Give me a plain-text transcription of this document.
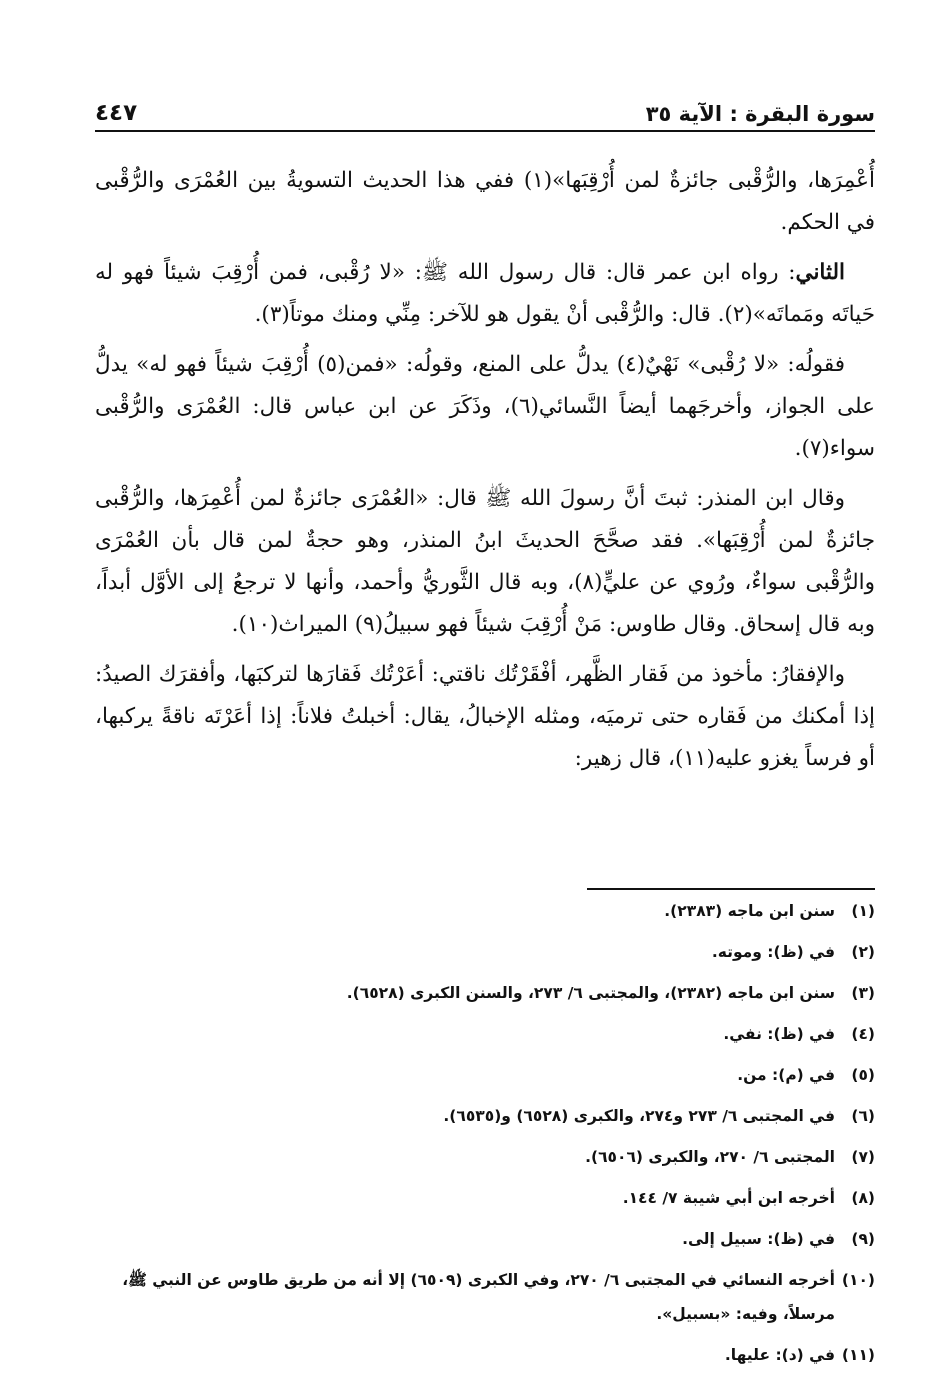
سورة البقرة : الآية ٣٥
٤٤٧

أُعْمِرَها، والرُّقْبى جائزةٌ لمن أُرْقِبَها»(١) ففي هذا الحديث التسويةُ بين العُمْرَى والرُّقْبى في الحكم.

الثاني: رواه ابن عمر قال: قال رسول الله ﷺ: «لا رُقْبى، فمن أُرْقِبَ شيئاً فهو له حَياتَه ومَماتَه»(٢). قال: والرُّقْبى أنْ يقول هو للآخر: مِنِّي ومنك موتاً(٣).

فقولُه: «لا رُقْبى» نَهْيٌ(٤) يدلُّ على المنع، وقولُه: «فمن(٥) أُرْقِبَ شيئاً فهو له» يدلُّ على الجواز، وأخرجَهما أيضاً النَّسائي(٦)، وذَكَرَ عن ابن عباس قال: العُمْرَى والرُّقْبى سواء(٧).

وقال ابن المنذر: ثبتَ أنَّ رسولَ الله ﷺ قال: «العُمْرَى جائزةٌ لمن أُعْمِرَها، والرُّقْبى جائزةٌ لمن أُرْقِبَها». فقد صحَّحَ الحديثَ ابنُ المنذر، وهو حجةٌ لمن قال بأن العُمْرَى والرُّقْبى سواءٌ، ورُوي عن عليٍّ(٨)، وبه قال الثَّوريُّ وأحمد، وأنها لا ترجعُ إلى الأوَّل أبداً، وبه قال إسحاق. وقال طاوس: مَنْ أُرْقِبَ شيئاً فهو سبيلُ(٩) الميراث(١٠).

والإفقارُ: مأخوذ من فَقار الظَّهر، أفْقَرْتُك ناقتي: أعَرْتُك فَقارَها لتركبَها، وأفقرَك الصيدُ: إذا أمكنك من فَقاره حتى ترميَه، ومثله الإخبالُ، يقال: أخبلتُ فلاناً: إذا أعَرْتَه ناقةً يركبها، أو فرساً يغزو عليه(١١)، قال زهير:

(١)
سنن ابن ماجه (٢٣٨٣).
(٢)
في (ظ): وموته.
(٣)
سنن ابن ماجه (٢٣٨٢)، والمجتبى ٦/ ٢٧٣، والسنن الكبرى (٦٥٢٨).
(٤)
في (ظ): نفي.
(٥)
في (م): من.
(٦)
في المجتبى ٦/ ٢٧٣ و٢٧٤، والكبرى (٦٥٢٨) و(٦٥٣٥).
(٧)
المجتبى ٦/ ٢٧٠، والكبرى (٦٥٠٦).
(٨)
أخرجه ابن أبي شيبة ٧/ ١٤٤.
(٩)
في (ظ): سبيل إلى.
(١٠)
أخرجه النسائي في المجتبى ٦/ ٢٧٠، وفي الكبرى (٦٥٠٩) إلا أنه من طريق طاوس عن النبي ﷺ، مرسلاً، وفيه: «بسبيل».
(١١)
في (د): عليها.
